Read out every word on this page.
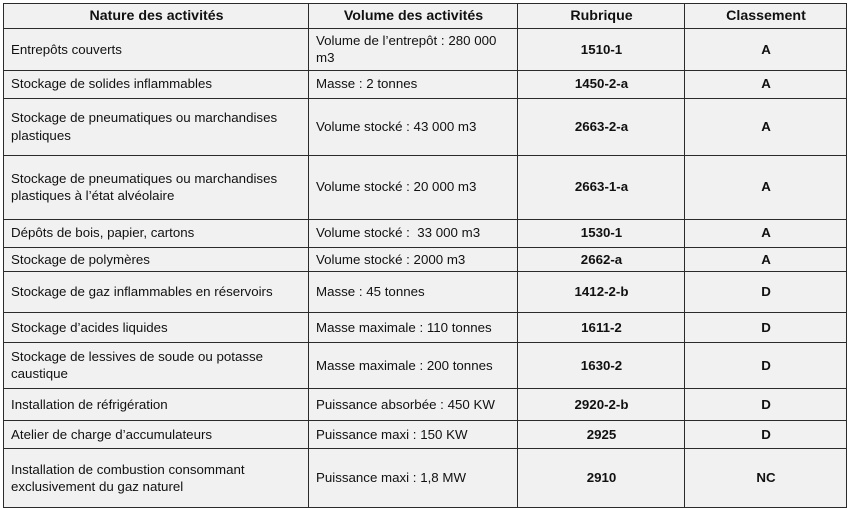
Nature des activités	Volume des activités	Rubrique	Classement
Entrepôts couverts	Volume de l’entrepôt : 280 000 m3	1510-1	A
Stockage de solides inflammables	Masse : 2 tonnes	1450-2-a	A
Stockage de pneumatiques ou marchandises plastiques	Volume stocké : 43 000 m3	2663-2-a	A
Stockage de pneumatiques ou marchandises plastiques à l’état alvéolaire	Volume stocké : 20 000 m3	2663-1-a	A
Dépôts de bois, papier, cartons	Volume stocké :  33 000 m3	1530-1	A
Stockage de polymères	Volume stocké : 2000 m3	2662-a	A
Stockage de gaz inflammables en réservoirs	Masse : 45 tonnes	1412-2-b	D
Stockage d’acides liquides	Masse maximale : 110 tonnes	1611-2	D
Stockage de lessives de soude ou potasse caustique	Masse maximale : 200 tonnes	1630-2	D
Installation de réfrigération	Puissance absorbée : 450 KW	2920-2-b	D
Atelier de charge d’accumulateurs	Puissance maxi : 150 KW	2925	D
Installation de combustion consommant exclusivement du gaz naturel	Puissance maxi : 1,8 MW	2910	NC
